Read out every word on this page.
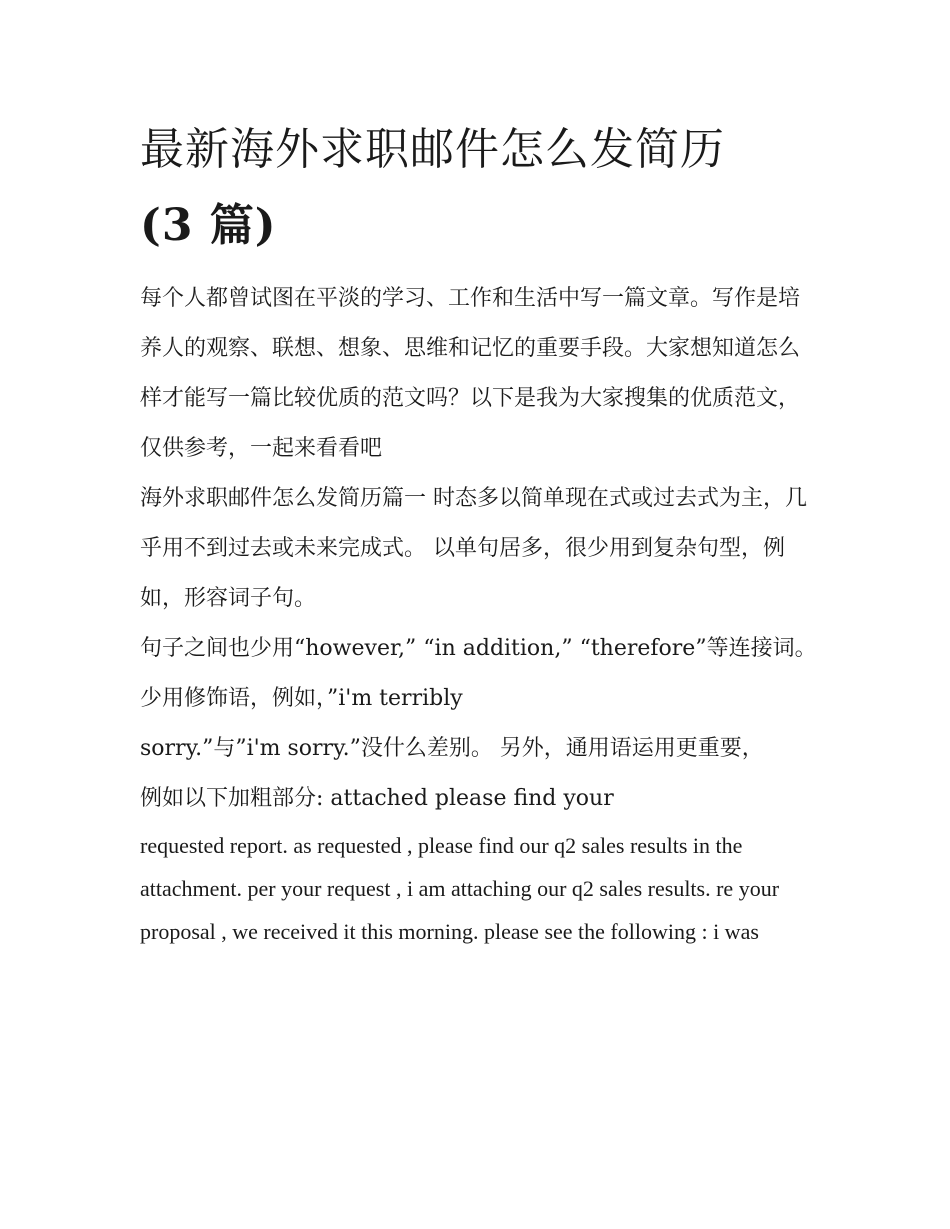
最新海外求职邮件怎么发简历
(3 篇)

每个人都曾试图在平淡的学习、工作和生活中写一篇文章。写作是培养人的观察、联想、想象、思维和记忆的重要手段。大家想知道怎么样才能写一篇比较优质的范文吗？以下是我为大家搜集的优质范文，仅供参考，一起来看看吧

海外求职邮件怎么发简历篇一 时态多以简单现在式或过去式为主，几乎用不到过去或未来完成式。 以单句居多，很少用到复杂句型，例如，形容词子句。

句子之间也少用“however,” “in addition,” “therefore”等连接词。

少用修饰语，例如，”i'm terribly

sorry.”与”i'm sorry.”没什么差别。 另外，通用语运用更重要，

例如以下加粗部分: attached please find your

requested report. as requested , please find our q2 sales results in the

attachment. per your request , i am attaching our q2 sales results. re your

proposal , we received it this morning. please see the following : i was
